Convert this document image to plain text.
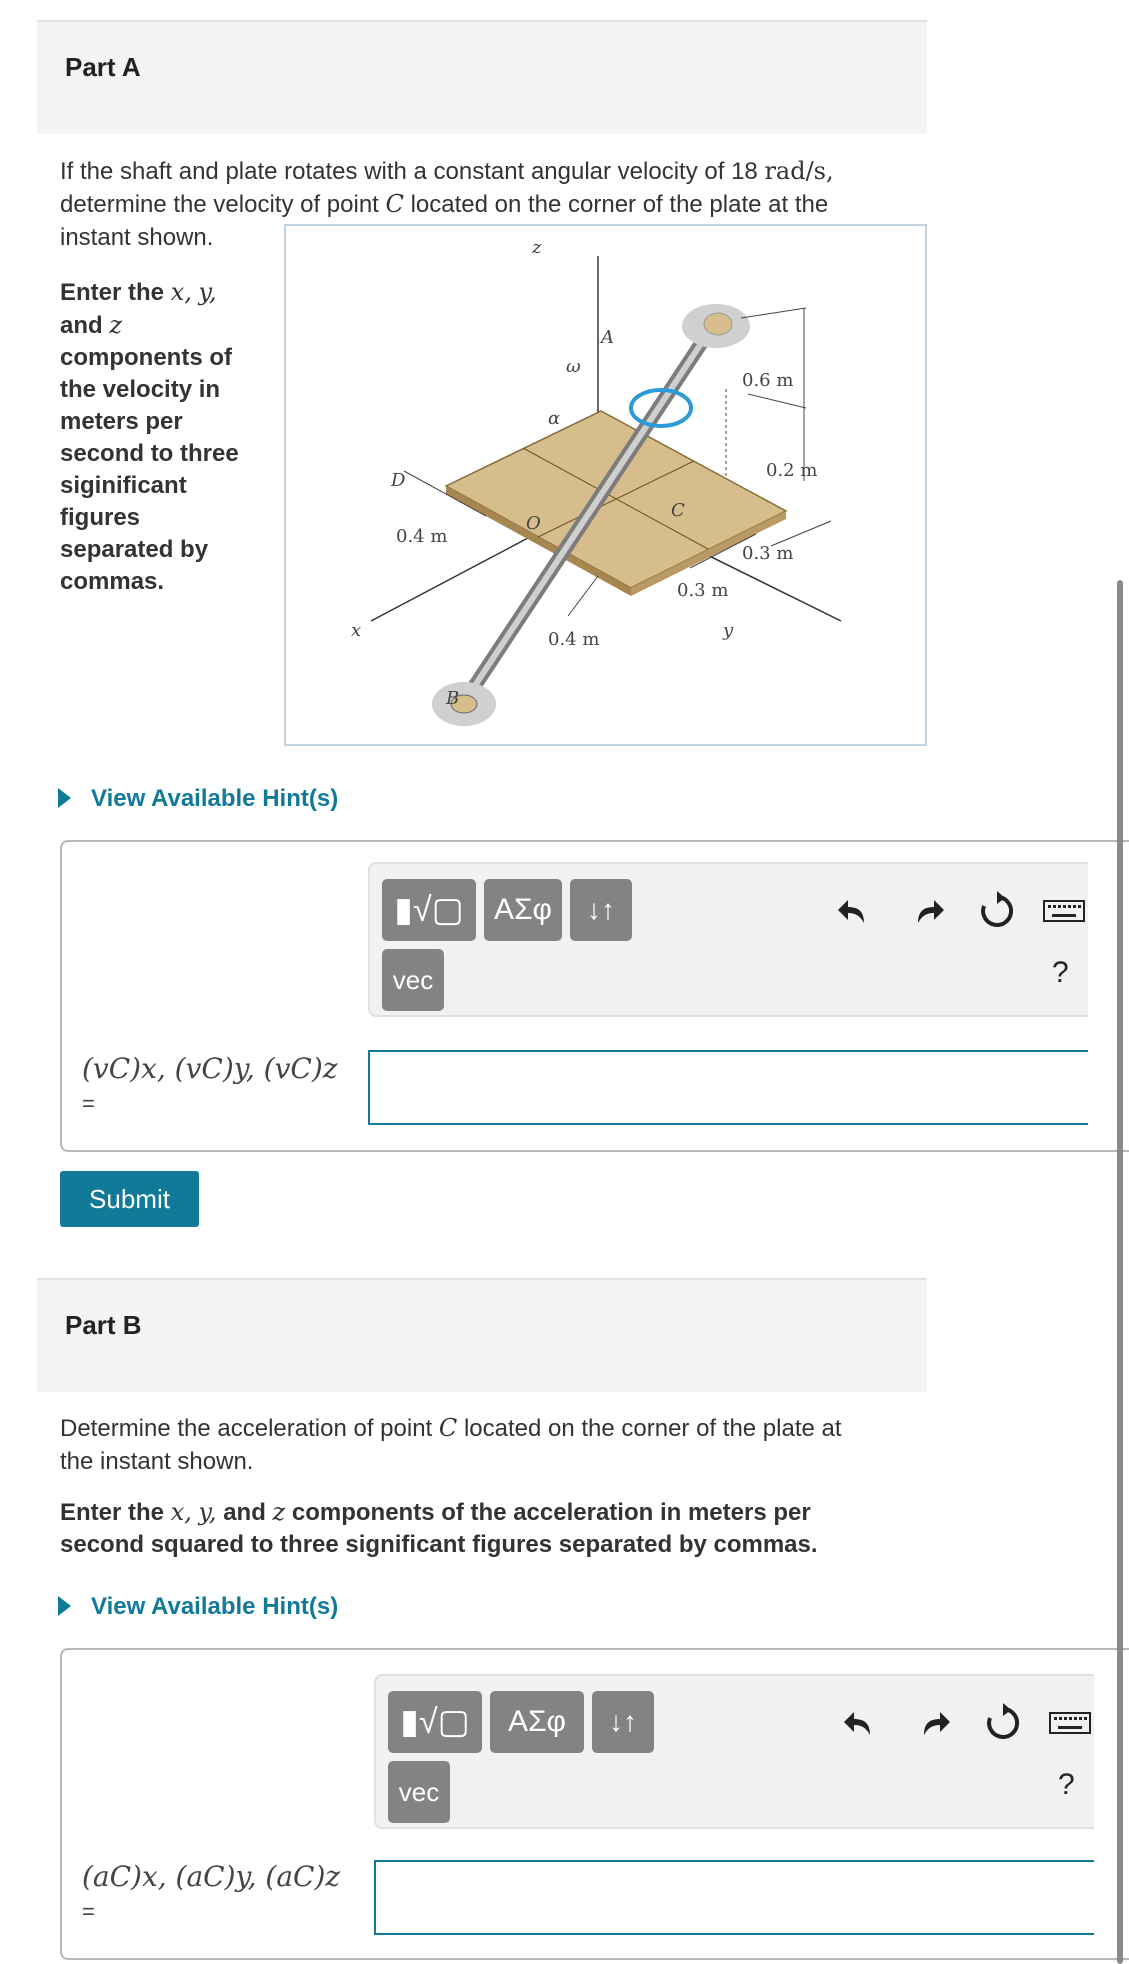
Part A
If the shaft and plate rotates with a constant angular velocity of 18 rad/s,
determine the velocity of point C located on the corner of the plate at the
instant shown.
Enter the x, y,
and z
components of
the velocity in
meters per
second to three
siginificant
figures
separated by
commas.
z
x	y
A
B
C
D
O
ω
α
0.6 m
0.2 m
0.3 m
0.3 m
0.4 m
0.4 m
View Available Hint(s)
▮√▢	ΑΣφ	↓↑
vec	?
(vC)x, (vC)y, (vC)z
=
Submit
Part B
Determine the acceleration of point C located on the corner of the plate at
the instant shown.
Enter the x, y, and z components of the acceleration in meters per
second squared to three significant figures separated by commas.
View Available Hint(s)
▮√▢	ΑΣφ	↓↑
vec	?
(aC)x, (aC)y, (aC)z
=
